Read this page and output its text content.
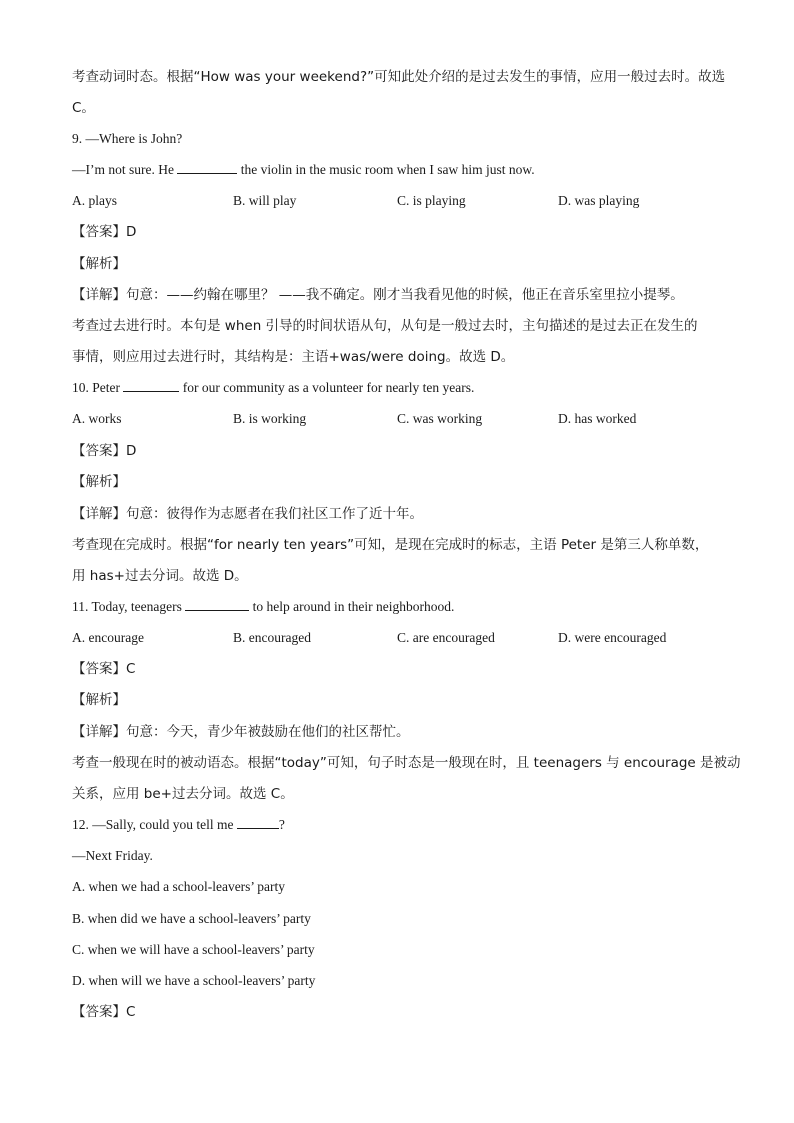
考查动词时态。根据“How was your weekend?”可知此处介绍的是过去发生的事情，应用一般过去时。故选
C。
9. —Where is John?
—I’m not sure. He	the violin in the music room when I saw him just now.
A. plays	B. will play	C. is playing	D. was playing
【答案】D
【解析】
【详解】句意：——约翰在哪里？ ——我不确定。刚才当我看见他的时候，他正在音乐室里拉小提琴。
考查过去进行时。本句是 when 引导的时间状语从句，从句是一般过去时，主句描述的是过去正在发生的
事情，则应用过去进行时，其结构是：主语+was/were doing。故选 D。
10. Peter	for our community as a volunteer for nearly ten years.
A. works	B. is working	C. was working	D. has worked
【答案】D
【解析】
【详解】句意：彼得作为志愿者在我们社区工作了近十年。
考查现在完成时。根据“for nearly ten years”可知，是现在完成时的标志，主语 Peter 是第三人称单数，
用 has+过去分词。故选 D。
11. Today, teenagers	to help around in their neighborhood.
A. encourage	B. encouraged	C. are encouraged	D. were encouraged
【答案】C
【解析】
【详解】句意：今天，青少年被鼓励在他们的社区帮忙。
考查一般现在时的被动语态。根据“today”可知，句子时态是一般现在时，且 teenagers 与 encourage 是被动
关系，应用 be+过去分词。故选 C。
12. —Sally, could you tell me	?
—Next Friday.
A. when we had a school-leavers’ party
B. when did we have a school-leavers’ party
C. when we will have a school-leavers’ party
D. when will we have a school-leavers’ party
【答案】C
